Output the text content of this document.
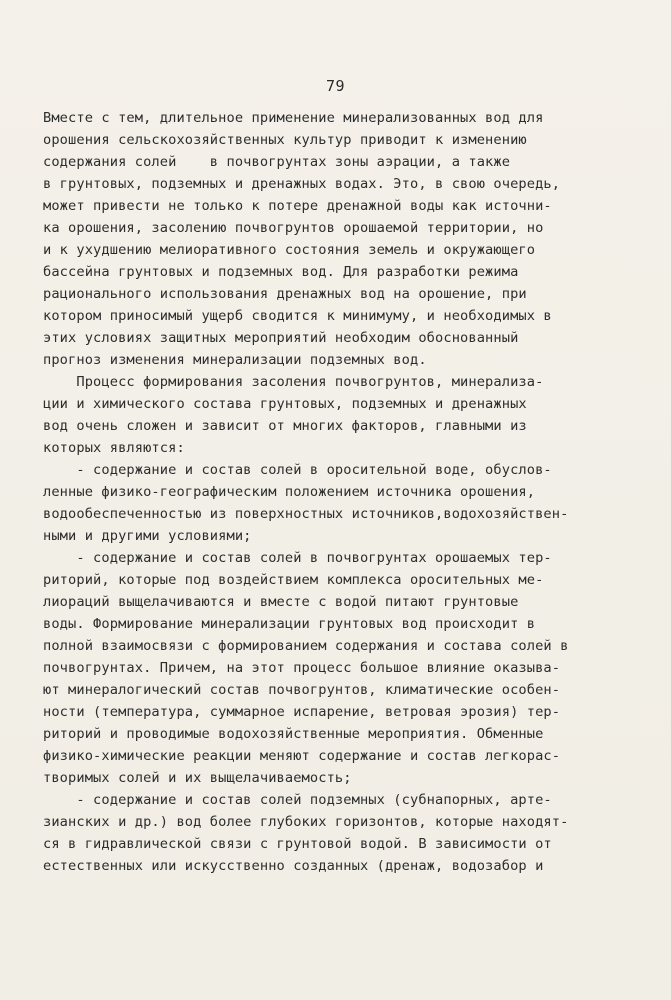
79
Вместе с тем, длительное применение минерализованных вод для
орошения сельскохозяйственных культур приводит к изменению
содержания солей    в почвогрунтах зоны аэрации, а также
в грунтовых, подземных и дренажных водах. Это, в свою очередь,
может привести не только к потере дренажной воды как источни-
ка орошения, засолению почвогрунтов орошаемой территории, но
и к ухудшению мелиоративного состояния земель и окружающего
бассейна грунтовых и подземных вод. Для разработки режима
рационального использования дренажных вод на орошение, при
котором приносимый ущерб сводится к минимуму, и необходимых в
этих условиях защитных мероприятий необходим обоснованный
прогноз изменения минерализации подземных вод.
Процесс формирования засоления почвогрунтов, минерализа-
ции и химического состава грунтовых, подземных и дренажных
вод очень сложен и зависит от многих факторов, главными из
которых являются:
- содержание и состав солей в оросительной воде, обуслов-
ленные физико-географическим положением источника орошения,
водообеспеченностью из поверхностных источников,водохозяйствен-
ными и другими условиями;
- содержание и состав солей в почвогрунтах орошаемых тер-
риторий, которые под воздействием комплекса оросительных ме-
лиораций выщелачиваются и вместе с водой питают грунтовые
воды. Формирование минерализации грунтовых вод происходит в
полной взаимосвязи с формированием содержания и состава солей в
почвогрунтах. Причем, на этот процесс большое влияние оказыва-
ют минералогический состав почвогрунтов, климатические особен-
ности (температура, суммарное испарение, ветровая эрозия) тер-
риторий и проводимые водохозяйственные мероприятия. Обменные
физико-химические реакции меняют содержание и состав легкорас-
творимых солей и их выщелачиваемость;
- содержание и состав солей подземных (субнапорных, арте-
зианских и др.) вод более глубоких горизонтов, которые находят-
ся в гидравлической связи с грунтовой водой. В зависимости от
естественных или искусственно созданных (дренаж, водозабор и
